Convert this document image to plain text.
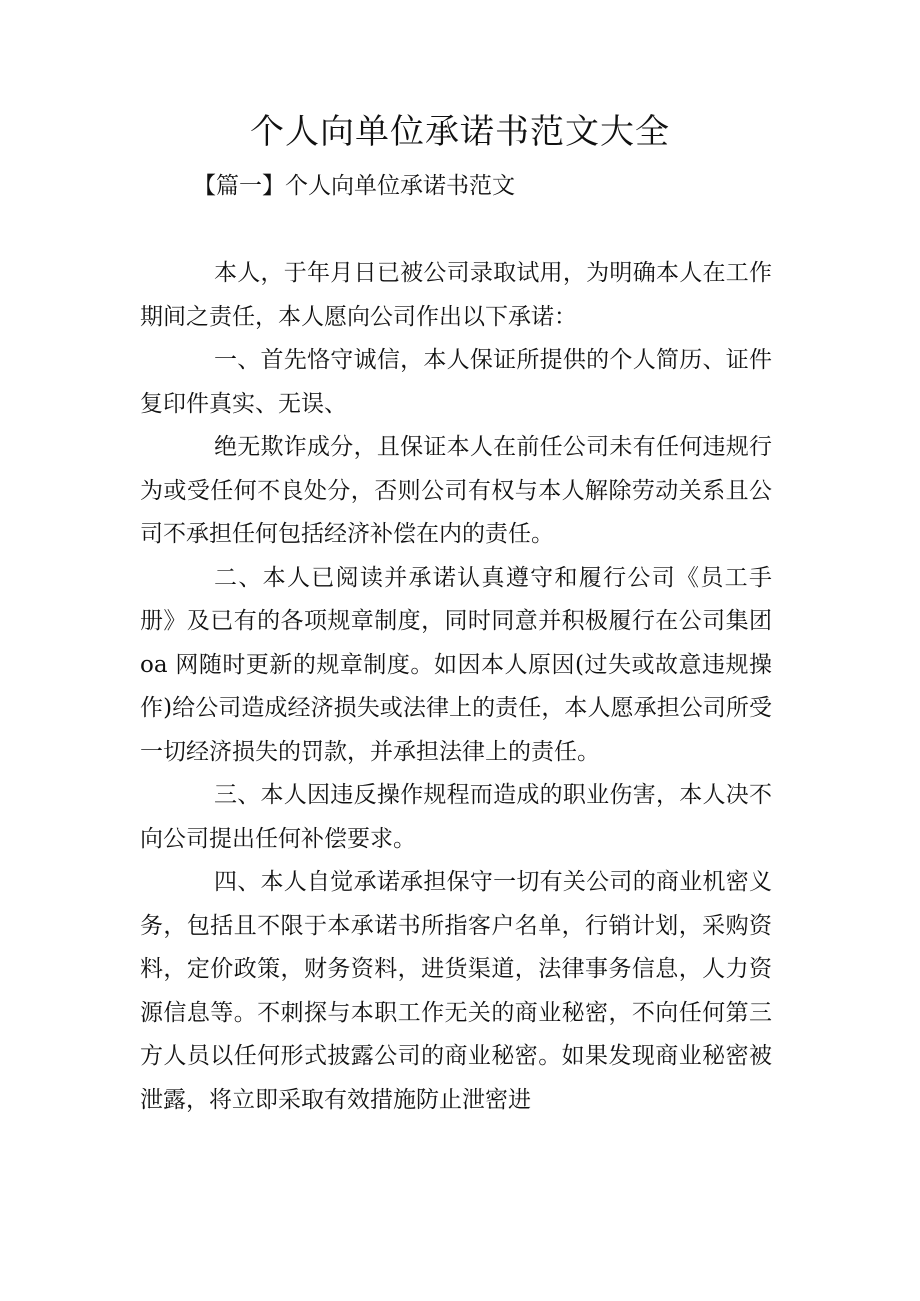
个人向单位承诺书范文大全
【篇一】个人向单位承诺书范文

本人，于年月日已被公司录取试用，为明确本人在工作期间之责任，本人愿向公司作出以下承诺：

一、首先恪守诚信，本人保证所提供的个人简历、证件复印件真实、无误、

绝无欺诈成分，且保证本人在前任公司未有任何违规行为或受任何不良处分，否则公司有权与本人解除劳动关系且公司不承担任何包括经济补偿在内的责任。

二、本人已阅读并承诺认真遵守和履行公司《员工手册》及已有的各项规章制度，同时同意并积极履行在公司集团 oa 网随时更新的规章制度。如因本人原因(过失或故意违规操作)给公司造成经济损失或法律上的责任，本人愿承担公司所受一切经济损失的罚款，并承担法律上的责任。

三、本人因违反操作规程而造成的职业伤害，本人决不向公司提出任何补偿要求。

四、本人自觉承诺承担保守一切有关公司的商业机密义务，包括且不限于本承诺书所指客户名单，行销计划，采购资料，定价政策，财务资料，进货渠道，法律事务信息，人力资源信息等。不刺探与本职工作无关的商业秘密，不向任何第三方人员以任何形式披露公司的商业秘密。如果发现商业秘密被泄露，将立即采取有效措施防止泄密进
